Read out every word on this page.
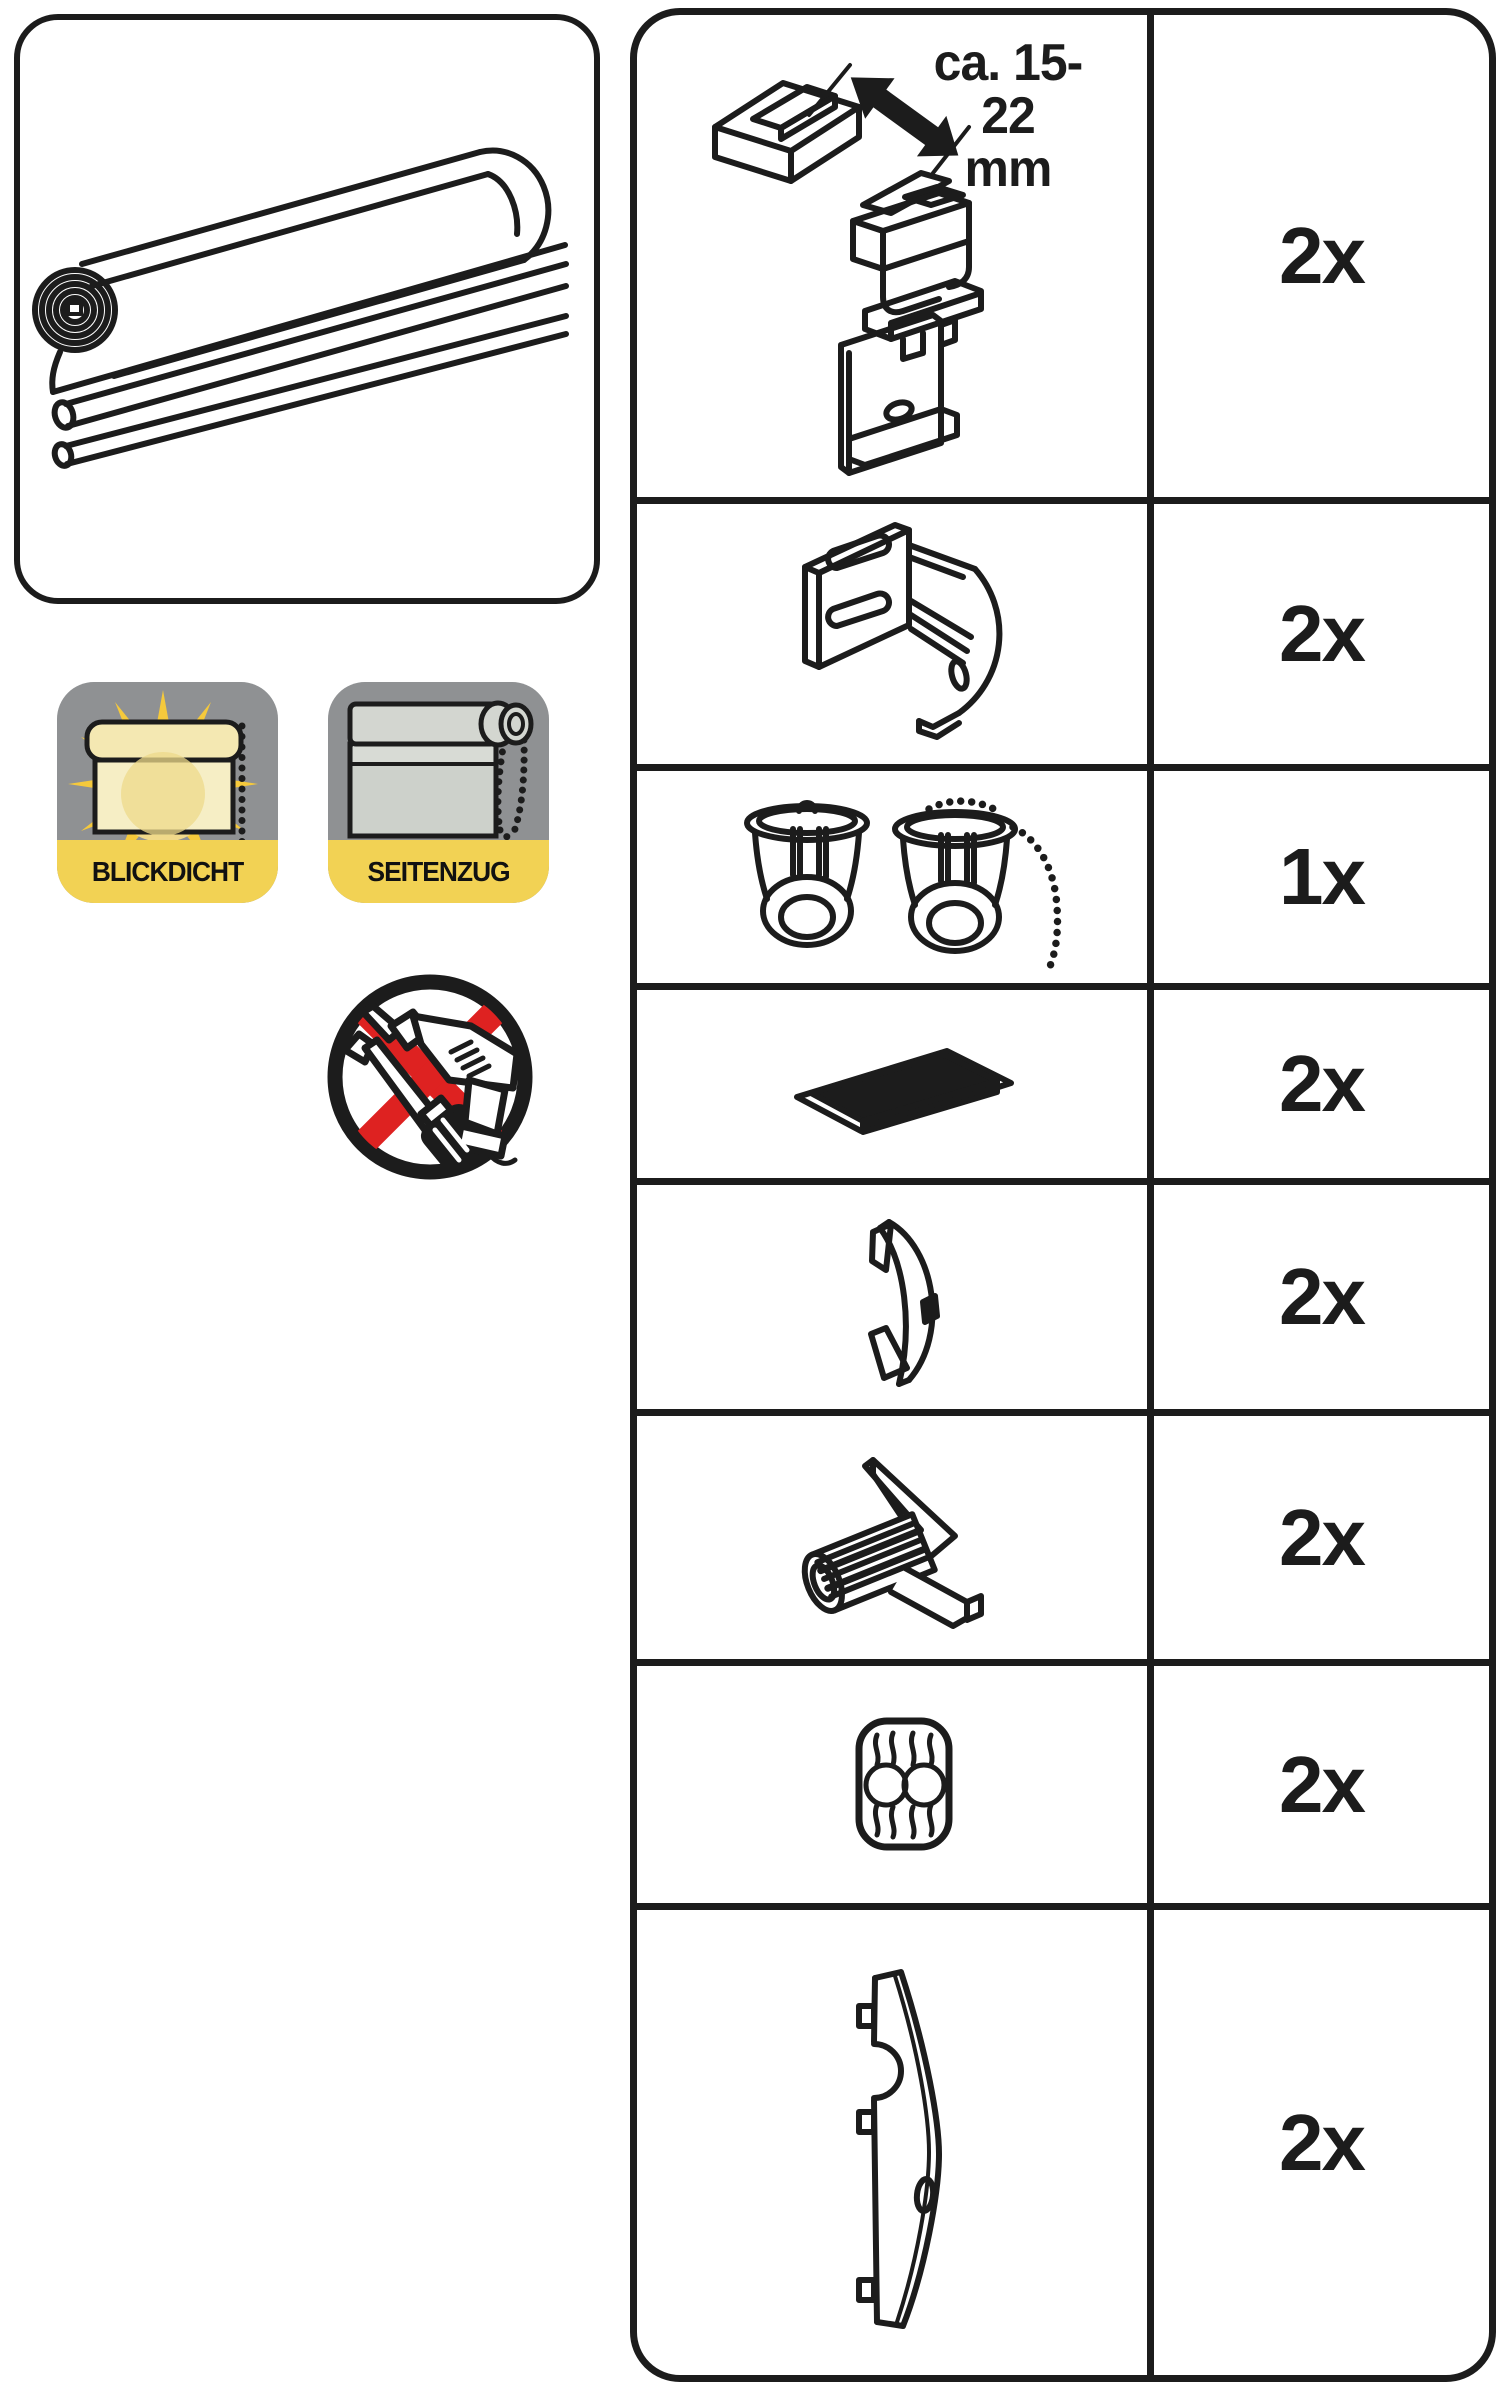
BLICKDICHT	SEITENZUG
ca. 15-22
mm
2x
2x
1x
2x
2x
2x
2x
2x
